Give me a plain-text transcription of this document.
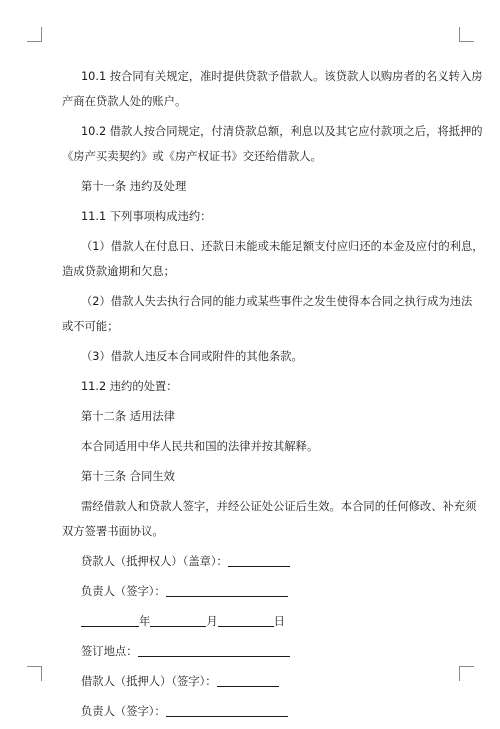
10.1 按合同有关规定，准时提供贷款予借款人。该贷款人以购房者的名义转入房
产商在贷款人处的账户。
10.2 借款人按合同规定，付清贷款总额，利息以及其它应付款项之后，将抵押的
《房产买卖契约》或《房产权证书》交还给借款人。
第十一条 违约及处理
11.1 下列事项构成违约：
（1）借款人在付息日、还款日未能或未能足额支付应归还的本金及应付的利息，
造成贷款逾期和欠息；
（2）借款人失去执行合同的能力或某些事件之发生使得本合同之执行成为违法
或不可能；
（3）借款人违反本合同或附件的其他条款。
11.2 违约的处置：
第十二条 适用法律
本合同适用中华人民共和国的法律并按其解释。
第十三条 合同生效
需经借款人和贷款人签字，并经公证处公证后生效。本合同的任何修改、补充须
双方签署书面协议。
贷款人（抵押权人）（盖章）：
负责人（签字）：
年	月	日
签订地点：
借款人（抵押人）（签字）：
负责人（签字）：
